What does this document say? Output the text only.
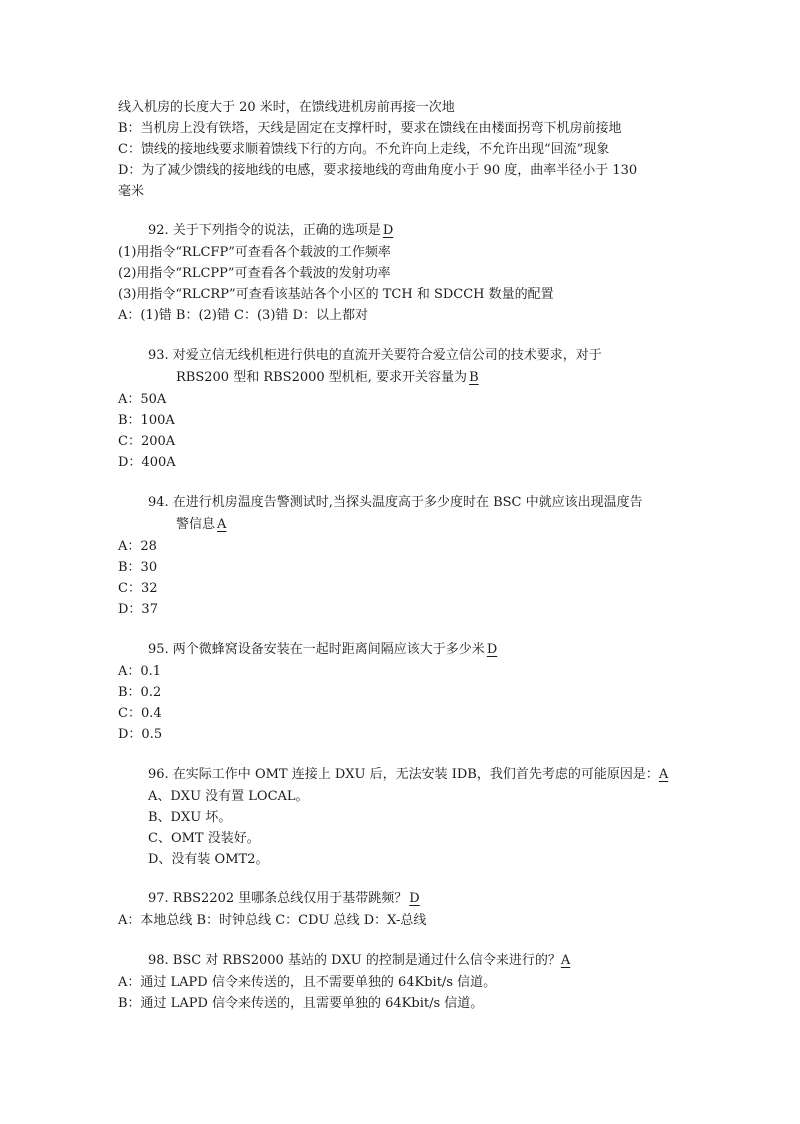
线入机房的长度大于 20 米时，在馈线进机房前再接一次地
B：当机房上没有铁塔，天线是固定在支撑杆时，要求在馈线在由楼面拐弯下机房前接地
C：馈线的接地线要求顺着馈线下行的方向。不允许向上走线，不允许出现“回流”现象
D：为了减少馈线的接地线的电感，要求接地线的弯曲角度小于 90 度，曲率半径小于 130
毫米
92. 关于下列指令的说法，正确的选项是 D
(1)用指令“RLCFP”可查看各个载波的工作频率
(2)用指令“RLCPP”可查看各个载波的发射功率
(3)用指令“RLCRP”可查看该基站各个小区的 TCH 和 SDCCH 数量的配置
A：(1)错 B：(2)错 C：(3)错 D：以上都对
93. 对爱立信无线机柜进行供电的直流开关要符合爱立信公司的技术要求，对于
RBS200 型和 RBS2000 型机柜, 要求开关容量为 B
A：50A
B：100A
C：200A
D：400A
94. 在进行机房温度告警测试时,当探头温度高于多少度时在 BSC 中就应该出现温度告
警信息 A
A：28
B：30
C：32
D：37
95. 两个微蜂窝设备安装在一起时距离间隔应该大于多少米 D
A：0.1
B：0.2
C：0.4
D：0.5
96. 在实际工作中 OMT 连接上 DXU 后，无法安装 IDB，我们首先考虑的可能原因是：A
A、DXU 没有置 LOCAL。
B、DXU 坏。
C、OMT 没装好。
D、没有装 OMT2。
97. RBS2202 里哪条总线仅用于基带跳频？ D
A：本地总线 B：时钟总线 C：CDU 总线 D：X-总线
98. BSC 对 RBS2000 基站的 DXU 的控制是通过什么信令来进行的？A
A：通过 LAPD 信令来传送的，且不需要单独的 64Kbit/s 信道。
B：通过 LAPD 信令来传送的，且需要单独的 64Kbit/s 信道。
